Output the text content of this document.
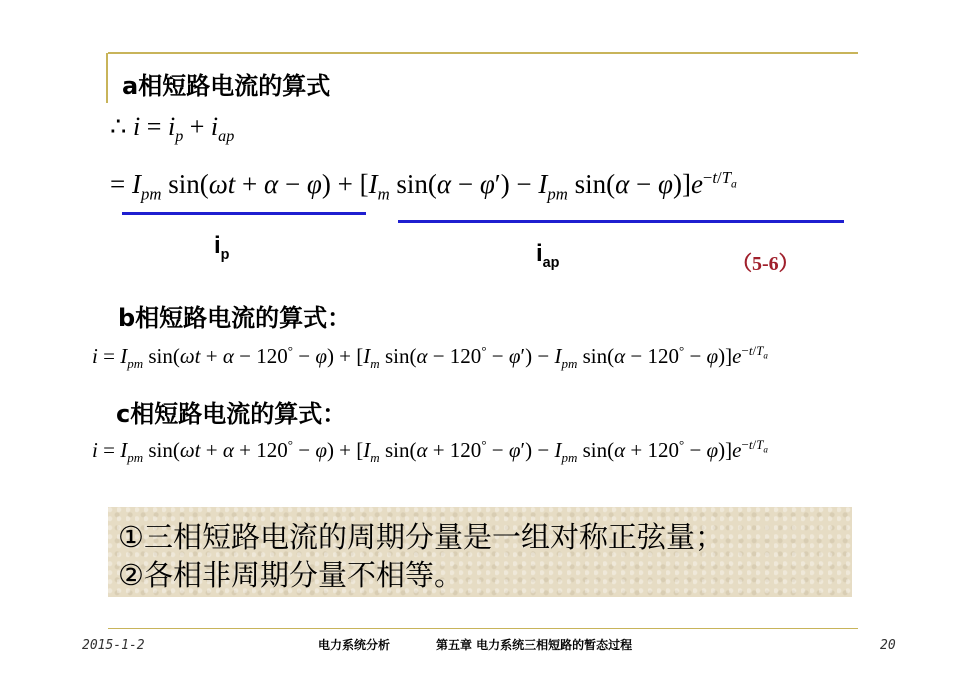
a相短路电流的算式
∴ $i = i_p + i_{ap}$
= $I_{pm}$ $\sin(\omega t + \alpha - \varphi) + [I_m$ $\sin(\alpha - \varphi') - I_{pm}$ $\sin(\alpha - \varphi)]e^{-t/T_a}$
$i_p$	$i_{ap}$	（5-6）
b相短路电流的算式：
$i = I_{pm}$ $\sin(\omega t + \alpha - 120^\circ - \varphi) + [I_m$ $\sin(\alpha - 120^\circ - \varphi') - I_{pm}$ $\sin(\alpha - 120^\circ - \varphi)]e^{-t/T_a}$
c相短路电流的算式：
$i = I_{pm}$ $\sin(\omega t + \alpha + 120^\circ - \varphi) + [I_m$ $\sin(\alpha + 120^\circ - \varphi') - I_{pm}$ $\sin(\alpha + 120^\circ - \varphi)]e^{-t/T_a}$
①三相短路电流的周期分量是一组对称正弦量；
②各相非周期分量不相等。
2015-1-2	电力系统分析	第五章 电力系统三相短路的暂态过程	20
